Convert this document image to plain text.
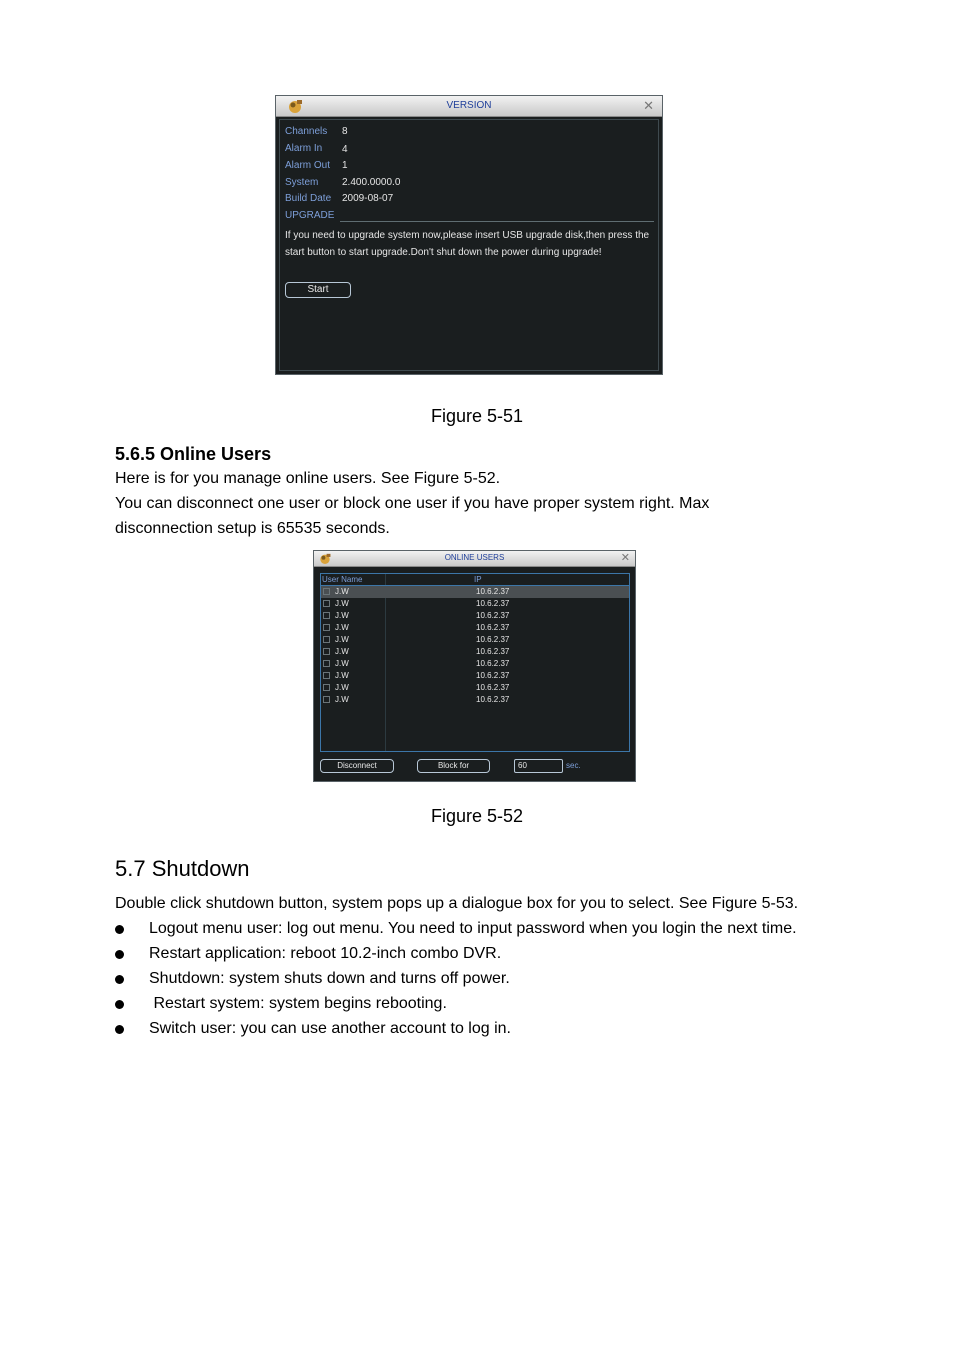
VERSION	✕
Channels 8
Alarm In 4
Alarm Out 1
System 2.400.0000.0
Build Date 2009-08-07
UPGRADE
If you need to upgrade system now,please insert USB upgrade disk,then press the start button to start upgrade.Don't shut down the power during upgrade!
Start
Figure 5-51
5.6.5 Online Users
Here is for you manage online users. See Figure 5-52.
You can disconnect one user or block one user if you have proper system right. Max
disconnection setup is 65535 seconds.
ONLINE USERS	✕
User Name	IP
J.W	10.6.2.37
J.W	10.6.2.37
J.W	10.6.2.37
J.W	10.6.2.37
J.W	10.6.2.37
J.W	10.6.2.37
J.W	10.6.2.37
J.W	10.6.2.37
J.W	10.6.2.37
J.W	10.6.2.37
Disconnect	Block for	60	sec.
Figure 5-52
5.7 Shutdown
Double click shutdown button, system pops up a dialogue box for you to select. See Figure 5-53.
Logout menu user: log out menu. You need to input password when you login the next time.
Restart application: reboot 10.2-inch combo DVR.
Shutdown: system shuts down and turns off power.
Restart system: system begins rebooting.
Switch user: you can use another account to log in.
